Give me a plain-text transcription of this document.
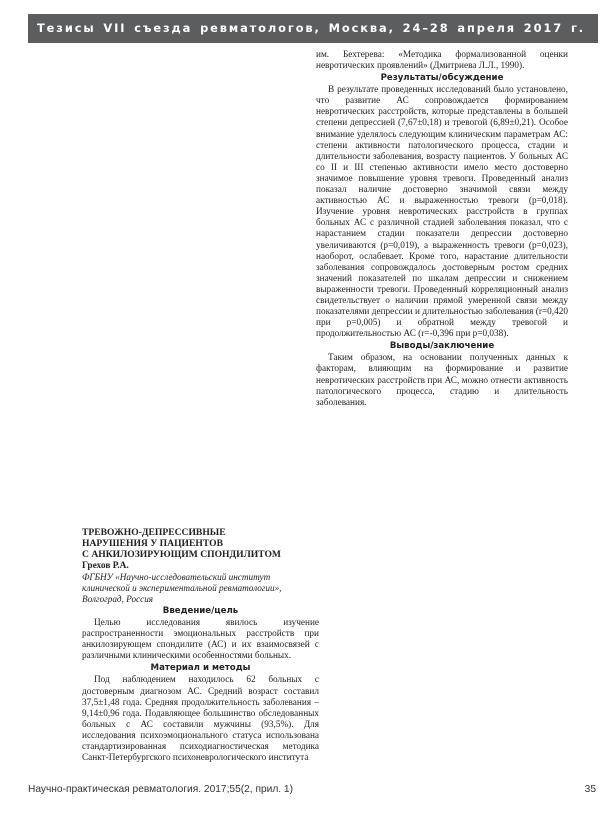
Тезисы VII съезда ревматологов, Москва, 24–28 апреля 2017 г.

им. Бехтерева: «Методика формализованной оценки невротических проявлений» (Дмитриева Л.Л., 1990).

Результаты/обсуждение

В результате проведенных исследований было установлено, что развитие АС сопровождается формированием невротических расстройств, которые представлены в большей степени депрессией (7,67±0,18) и тревогой (6,89±0,21). Особое внимание уделялось следующим клиническим параметрам АС: степени активности патологического процесса, стадии и длительности заболевания, возрасту пациентов. У больных АС со II и III степенью активности имело место достоверно значимое повышение уровня тревоги. Проведенный анализ показал наличие достоверно значимой связи между активностью АС и выраженностью тревоги (p=0,018). Изучение уровня невротических расстройств в группах больных АС с различной стадией заболевания показал, что с нарастанием стадии показатели депрессии достоверно увеличиваются (p=0,019), а выраженность тревоги (p=0,023), наоборот, ослабевает. Кроме того, нарастание длительности заболевания сопровождалось достоверным ростом средних значений показателей по шкалам депрессии и снижением выраженности тревоги. Проведенный корреляционный анализ свидетельствует о наличии прямой умеренной связи между показателями депрессии и длительностью заболевания (r=0,420 при p=0,005) и обратной между тревогой и продолжительностью АС (r=-0,396 при p=0,038).

Выводы/заключение

Таким образом, на основании полученных данных к факторам, влияющим на формирование и развитие невротических расстройств при АС, можно отнести активность патологического процесса, стадию и длительность заболевания.

ТРЕВОЖНО-ДЕПРЕССИВНЫЕ
НАРУШЕНИЯ У ПАЦИЕНТОВ
С АНКИЛОЗИРУЮЩИМ СПОНДИЛИТОМ
Грехов Р.А.
ФГБНУ «Научно-исследовательский институт
клинической и экспериментальной ревматологии»,
Волгоград, Россия
Введение/цель

Целью исследования явилось изучение распространенности эмоциональных расстройств при анкилозирующем спондилите (АС) и их взаимосвязей с различными клиническими особенностями больных.

Материал и методы

Под наблюдением находилось 62 больных с достоверным диагнозом АС. Средний возраст составил 37,5±1,48 года. Средняя продолжительность заболевания – 9,14±0,96 года. Подавляющее большинство обследованных больных с АС составили мужчины (93,5%). Для исследования психоэмоционального статуса использована стандартизированная психодиагностическая методика Санкт-Петербургского психоневрологического института

Научно-практическая ревматология. 2017;55(2, прил. 1)	35
